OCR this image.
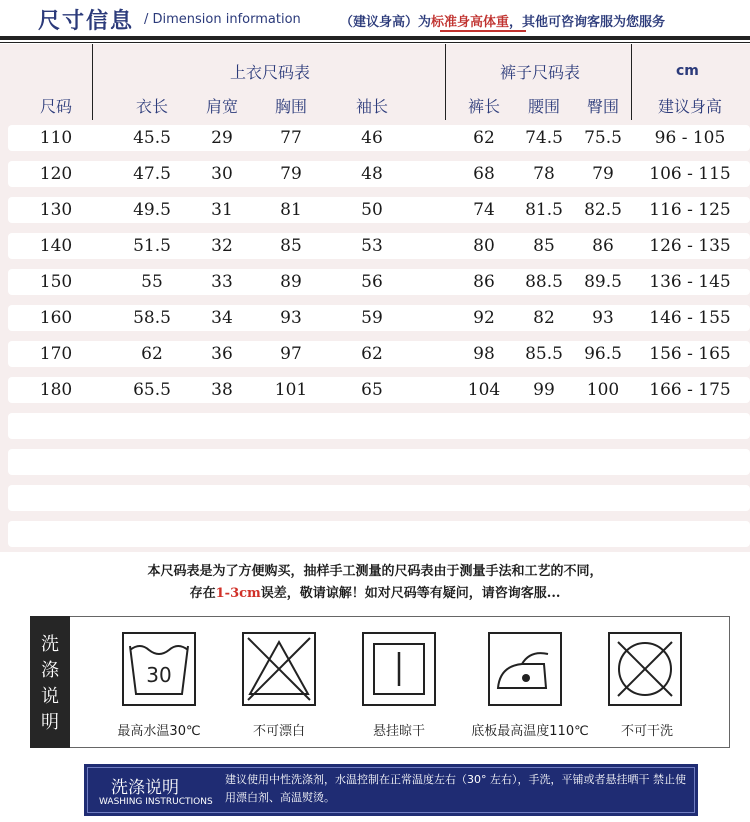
尺寸信息 / Dimension information	（建议身高）为标准身高体重，其他可咨询客服为您服务
上衣尺码表	裤子尺码表	cm
尺码	衣长	肩宽	胸围	袖长	裤长	腰围	臀围	建议身高
110	45.5	29	77	46	62	74.5	75.5	96 - 105
120	47.5	30	79	48	68	78	79	106 - 115
130	49.5	31	81	50	74	81.5	82.5	116 - 125
140	51.5	32	85	53	80	85	86	126 - 135
150	55	33	89	56	86	88.5	89.5	136 - 145
160	58.5	34	93	59	92	82	93	146 - 155
170	62	36	97	62	98	85.5	96.5	156 - 165
180	65.5	38	101	65	104	99	100	166 - 175
本尺码表是为了方便购买，抽样手工测量的尺码表由于测量手法和工艺的不同，
存在1-3cm误差，敬请谅解！如对尺码等有疑问，请咨询客服...
洗
涤
说
明
30
最高水温30℃	不可漂白	悬挂晾干	底板最高温度110℃	不可干洗
洗涤说明
WASHING INSTRUCTIONS
建议使用中性洗涤剂，水温控制在正常温度左右（30° 左右），手洗，平铺或者悬挂晒干 禁止使用漂白剂、高温熨烫。
